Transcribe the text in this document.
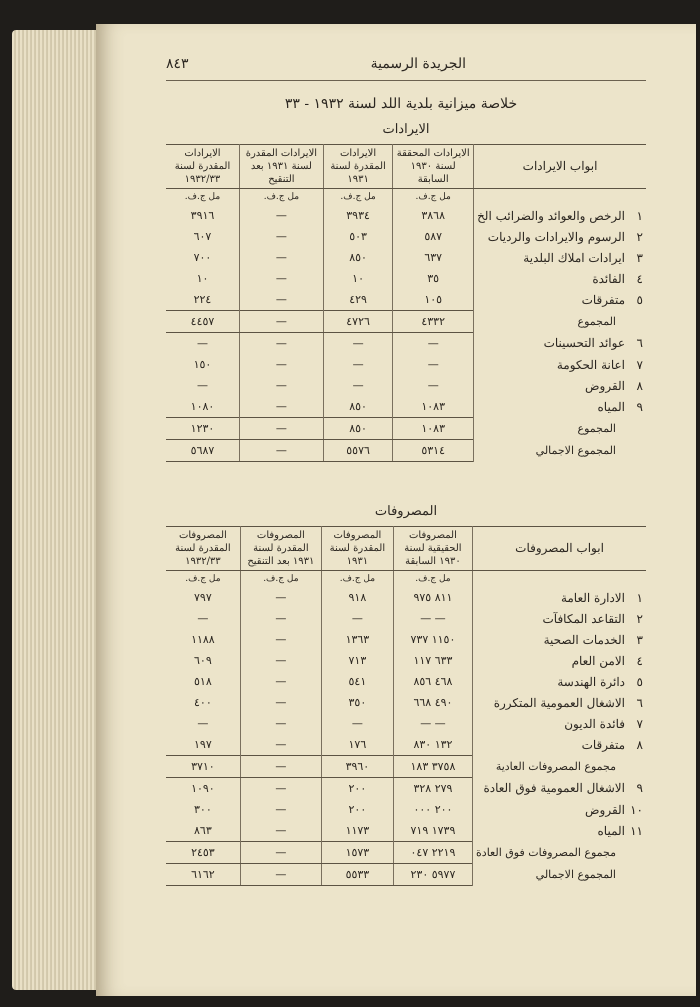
الجريدة الرسمية
٨٤٣
خلاصة ميزانية بلدية اللد لسنة ١٩٣٢ - ٣٣
الايرادات
ابواب الايرادات	الايرادات المحققة لسنة ١٩٣٠ السابقة	الايرادات المقدرة لسنة ١٩٣١	الايرادات المقدرة لسنة ١٩٣١ بعد التنقيح	الايرادات المقدرة لسنة ١٩٣٢/٣٣
	مل ج.ف.	مل ج.ف.	مل ج.ف.	مل ج.ف.
١الرخص والعوائد والضرائب الخ	٣٨٦٨	٣٩٣٤	—	٣٩١٦
٢الرسوم والايرادات والرديات	٥٨٧	٥٠٣	—	٦٠٧
٣ايرادات املاك البلدية	٦٣٧	٨٥٠	—	٧٠٠
٤الفائدة	٣٥	١٠	—	١٠
٥متفرقات	١٠٥	٤٢٩	—	٢٢٤
المجموع	٤٣٣٢	٤٧٢٦	—	٤٤٥٧
٦عوائد التحسينات	—	—	—	—
٧اعانة الحكومة	—	—	—	١٥٠
٨القروض	—	—	—	—
٩المياه	١٠٨٣	٨٥٠	—	١٠٨٠
المجموع	١٠٨٣	٨٥٠	—	١٢٣٠
المجموع الاجمالي	٥٣١٤	٥٥٧٦	—	٥٦٨٧
المصروفات
ابواب المصروفات	المصروفات الحقيقية لسنة ١٩٣٠ السابقة	المصروفات المقدرة لسنة ١٩٣١	المصروفات المقدرة لسنة ١٩٣١ بعد التنقيح	المصروفات المقدرة لسنة ١٩٣٢/٣٣
	مل ج.ف.	مل ج.ف.	مل ج.ف.	مل ج.ف.
١الادارة العامة	٨١١ ٩٧٥	٩١٨	—	٧٩٧
٢التقاعد المكافآت	— —	—	—	—
٣الخدمات الصحية	١١٥٠ ٧٣٧	١٣٦٣	—	١١٨٨
٤الامن العام	٦٣٣ ١١٧	٧١٣	—	٦٠٩
٥دائرة الهندسة	٤٦٨ ٨٥٦	٥٤١	—	٥١٨
٦الاشغال العمومية المتكررة	٤٩٠ ٦٦٨	٣٥٠	—	٤٠٠
٧فائدة الديون	— —	—	—	—
٨متفرقات	١٣٢ ٨٣٠	١٧٦	—	١٩٧
مجموع المصروفات العادية	٣٧٥٨ ١٨٣	٣٩٦٠	—	٣٧١٠
٩الاشغال العمومية فوق العادة	٢٧٩ ٣٢٨	٢٠٠	—	١٠٩٠
١٠القروض	٢٠٠ ٠٠٠	٢٠٠	—	٣٠٠
١١المياه	١٧٣٩ ٧١٩	١١٧٣	—	٨٦٣
مجموع المصروفات فوق العادة	٢٢١٩ ٠٤٧	١٥٧٣	—	٢٤٥٣
المجموع الاجمالي	٥٩٧٧ ٢٣٠	٥٥٣٣	—	٦١٦٢
